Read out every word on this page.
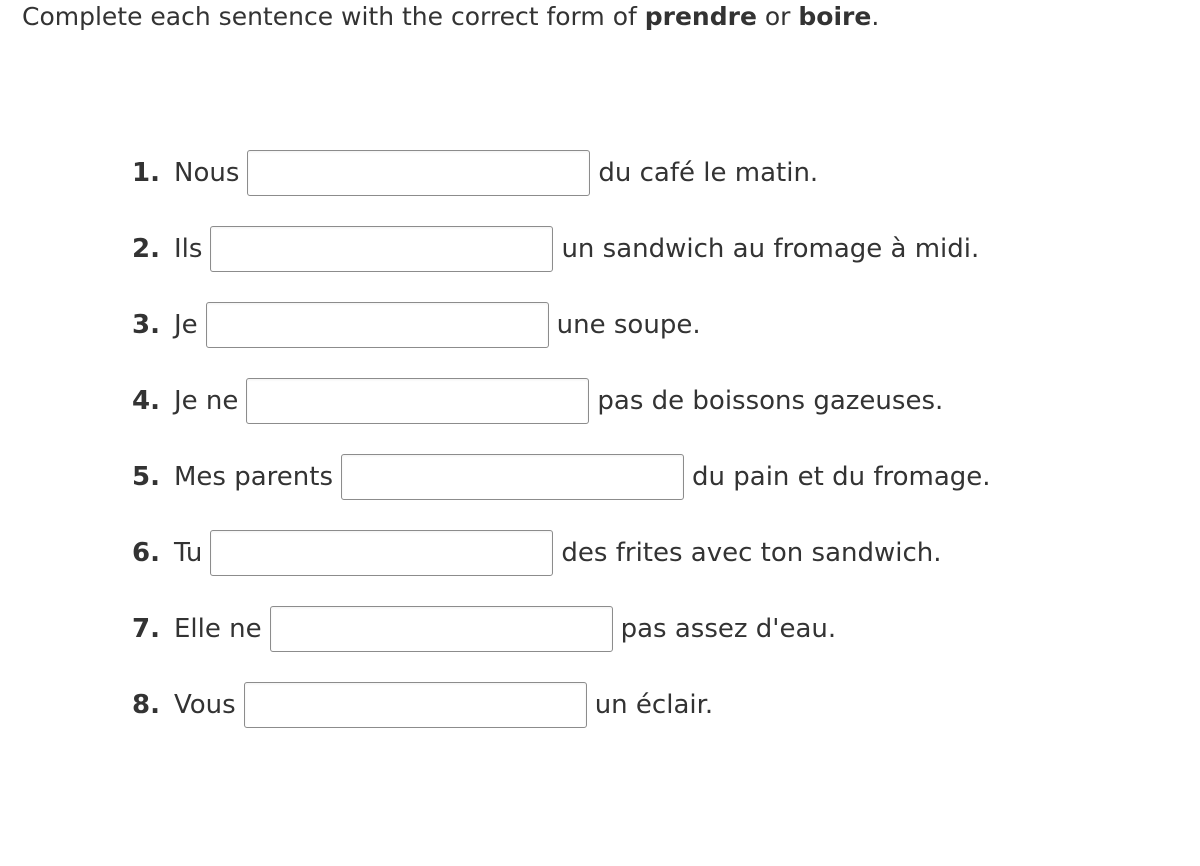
Complete each sentence with the correct form of prendre or boire.

1. Nous	du café le matin.
2. Ils	un sandwich au fromage à midi.
3. Je	une soupe.
4. Je ne	pas de boissons gazeuses.
5. Mes parents	du pain et du fromage.
6. Tu	des frites avec ton sandwich.
7. Elle ne	pas assez d'eau.
8. Vous	un éclair.
